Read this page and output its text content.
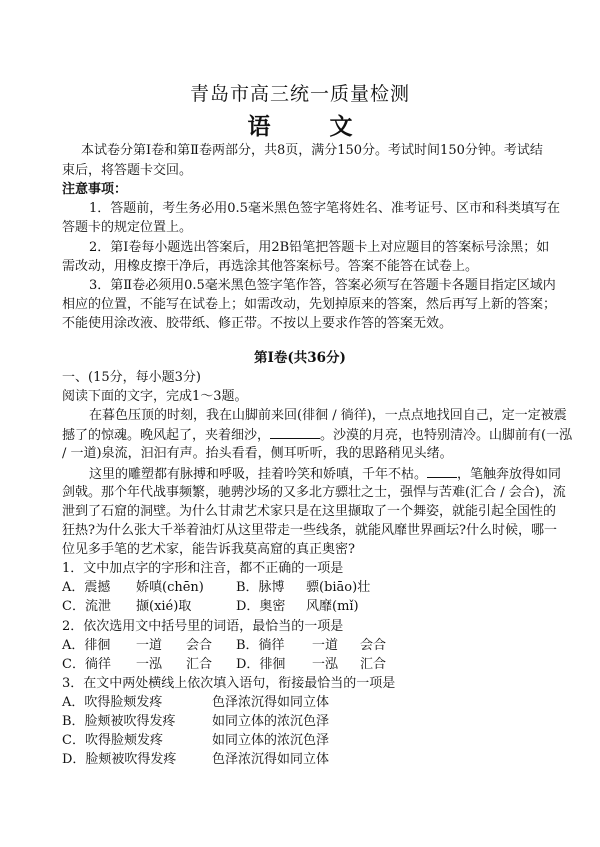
青岛市高三统一质量检测
语　文
本试卷分第Ⅰ卷和第Ⅱ卷两部分，共8页，满分150分。考试时间150分钟。考试结
束后，将答题卡交回。
注意事项：
1．答题前，考生务必用0.5毫米黑色签字笔将姓名、准考证号、区市和科类填写在
答题卡的规定位置上。
2．第Ⅰ卷每小题选出答案后，用2B铅笔把答题卡上对应题目的答案标号涂黑；如
需改动，用橡皮擦干净后，再选涂其他答案标号。答案不能答在试卷上。
3．第Ⅱ卷必须用0.5毫米黑色签字笔作答，答案必须写在答题卡各题目指定区域内
相应的位置，不能写在试卷上；如需改动，先划掉原来的答案，然后再写上新的答案；
不能使用涂改液、胶带纸、修正带。不按以上要求作答的答案无效。
第Ⅰ卷(共36分)
一、(15分，每小题3分)
阅读下面的文字，完成1～3题。
在暮色压顶的时刻，我在山脚前来回(徘徊 / 徜徉)，一点点地找回自己，定一定被震
撼了的惊魂。晚风起了，夹着细沙，	。沙漠的月亮，也特别清冷。山脚前有(一泓
/ 一道)泉流，汩汩有声。抬头看看，侧耳听听，我的思路稍见头绪。
这里的雕塑都有脉搏和呼吸，挂着吟笑和娇嗔，千年不枯。 ，笔触奔放得如同
剑戟。那个年代战事频繁，驰骋沙场的又多北方骠壮之士，强悍与苦难(汇合 / 会合)，流
泄到了石窟的洞壁。为什么甘肃艺术家只是在这里撷取了一个舞姿，就能引起全国性的
狂热?为什么张大千举着油灯从这里带走一些线条，就能风靡世界画坛?什么时候，哪一
位见多手笔的艺术家，能告诉我莫高窟的真正奥密?
1．文中加点字的字形和注音，都不正确的一项是
A．震撼 娇嗔(chēn) B．脉博 骠(biāo)壮
C．流泄 撷(xié)取	D．奥密 风靡(mǐ)
2．依次选用文中括号里的词语，最恰当的一项是
A．徘徊 一道 会合 B．徜徉 一道 会合
C．徜徉 一泓 汇合 D．徘徊 一泓 汇合
3．在文中两处横线上依次填入语句，衔接最恰当的一项是
A．吹得脸颊发疼	色泽浓沉得如同立体
B．脸颊被吹得发疼	如同立体的浓沉色泽
C．吹得脸颊发疼	如同立体的浓沉色泽
D．脸颊被吹得发疼	色泽浓沉得如同立体
